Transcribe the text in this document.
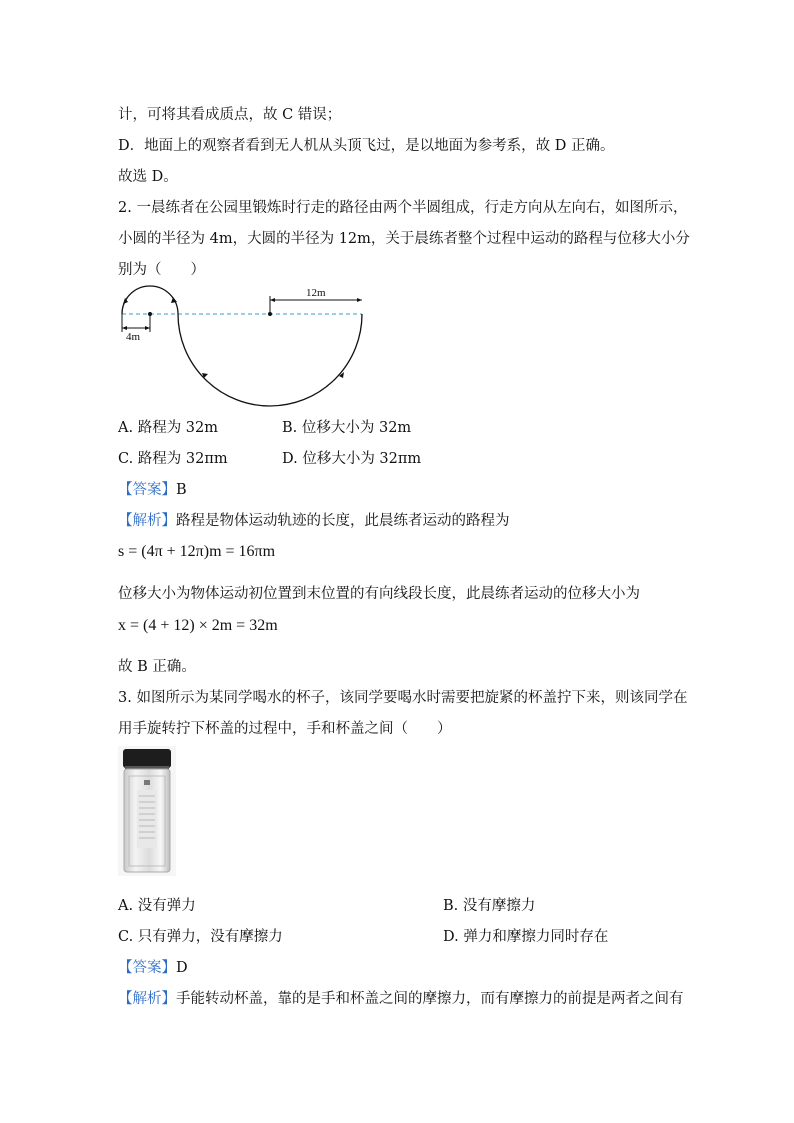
计，可将其看成质点，故 C 错误；
D．地面上的观察者看到无人机从头顶飞过，是以地面为参考系，故 D 正确。
故选 D。
2. 一晨练者在公园里锻炼时行走的路径由两个半圆组成，行走方向从左向右，如图所示，
小圆的半径为 4m，大圆的半径为 12m，关于晨练者整个过程中运动的路程与位移大小分
别为（　　）
4m
12m
A. 路程为 32m	B. 位移大小为 32m
C. 路程为 32πm	D. 位移大小为 32πm
【答案】B
【解析】路程是物体运动轨迹的长度，此晨练者运动的路程为
s = (4π + 12π)m = 16πm
位移大小为物体运动初位置到末位置的有向线段长度，此晨练者运动的位移大小为
x = (4 + 12) × 2m = 32m
故 B 正确。
3. 如图所示为某同学喝水的杯子，该同学要喝水时需要把旋紧的杯盖拧下来，则该同学在
用手旋转拧下杯盖的过程中，手和杯盖之间（　　）
A. 没有弹力	B. 没有摩擦力
C. 只有弹力，没有摩擦力	D. 弹力和摩擦力同时存在
【答案】D
【解析】手能转动杯盖，靠的是手和杯盖之间的摩擦力，而有摩擦力的前提是两者之间有
